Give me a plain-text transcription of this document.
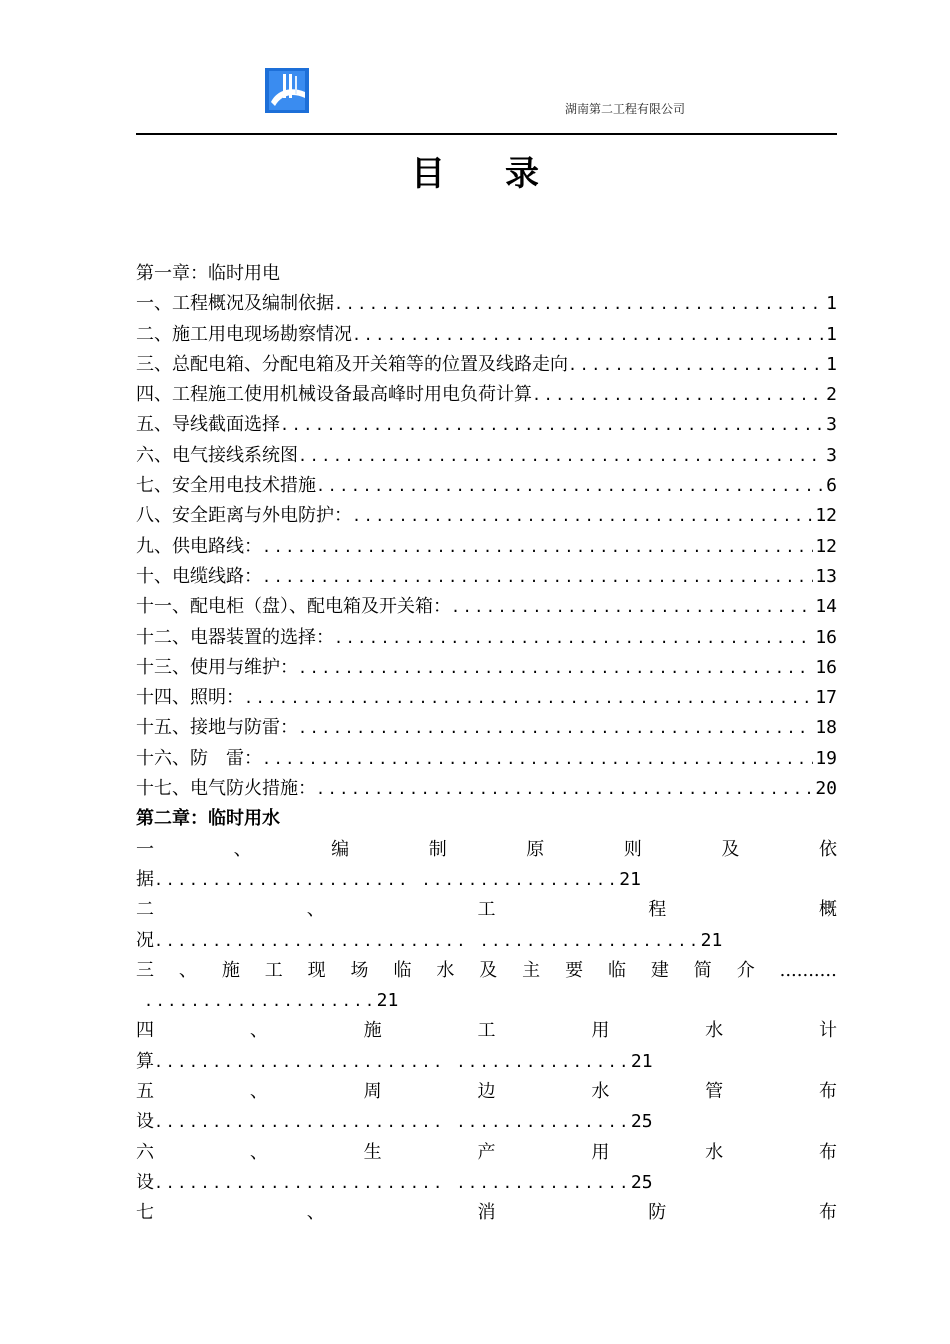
湖南第二工程有限公司
目 录
第一章：临时用电
一、工程概况及编制依据 .....	1
二、施工用电现场勘察情况 .....	1
三、总配电箱、分配电箱及开关箱等的位置及线路走向 .....	1
四、工程施工使用机械设备最高峰时用电负荷计算 .....	2
五、导线截面选择 .....	3
六、电气接线系统图 .....	3
七、安全用电技术措施 .....	6
八、安全距离与外电防护： .....	12
九、供电路线： .....	12
十、电缆线路： .....	13
十一、配电柜（盘）、配电箱及开关箱： .....	14
十二、电器装置的选择： .....	16
十三、使用与维护： .....	16
十四、照明： .....	17
十五、接地与防雷： .....	18
十六、防　雷： .....	19
十七、电气防火措施： .....	20
第二章：临时用水
一	、	编	制	原	则	及	依
据...................... .................21
二	、	工	程	概
况........................... ...................21
三 、 施 工 现 场 临 水 及 主 要 临 建 简 介 ..........
....................21
四	、	施	工	用	水	计
算......................... ...............21
五	、	周	边	水	管	布
设......................... ...............25
六	、	生	产	用	水	布
设......................... ...............25
七	、	消	防	布
